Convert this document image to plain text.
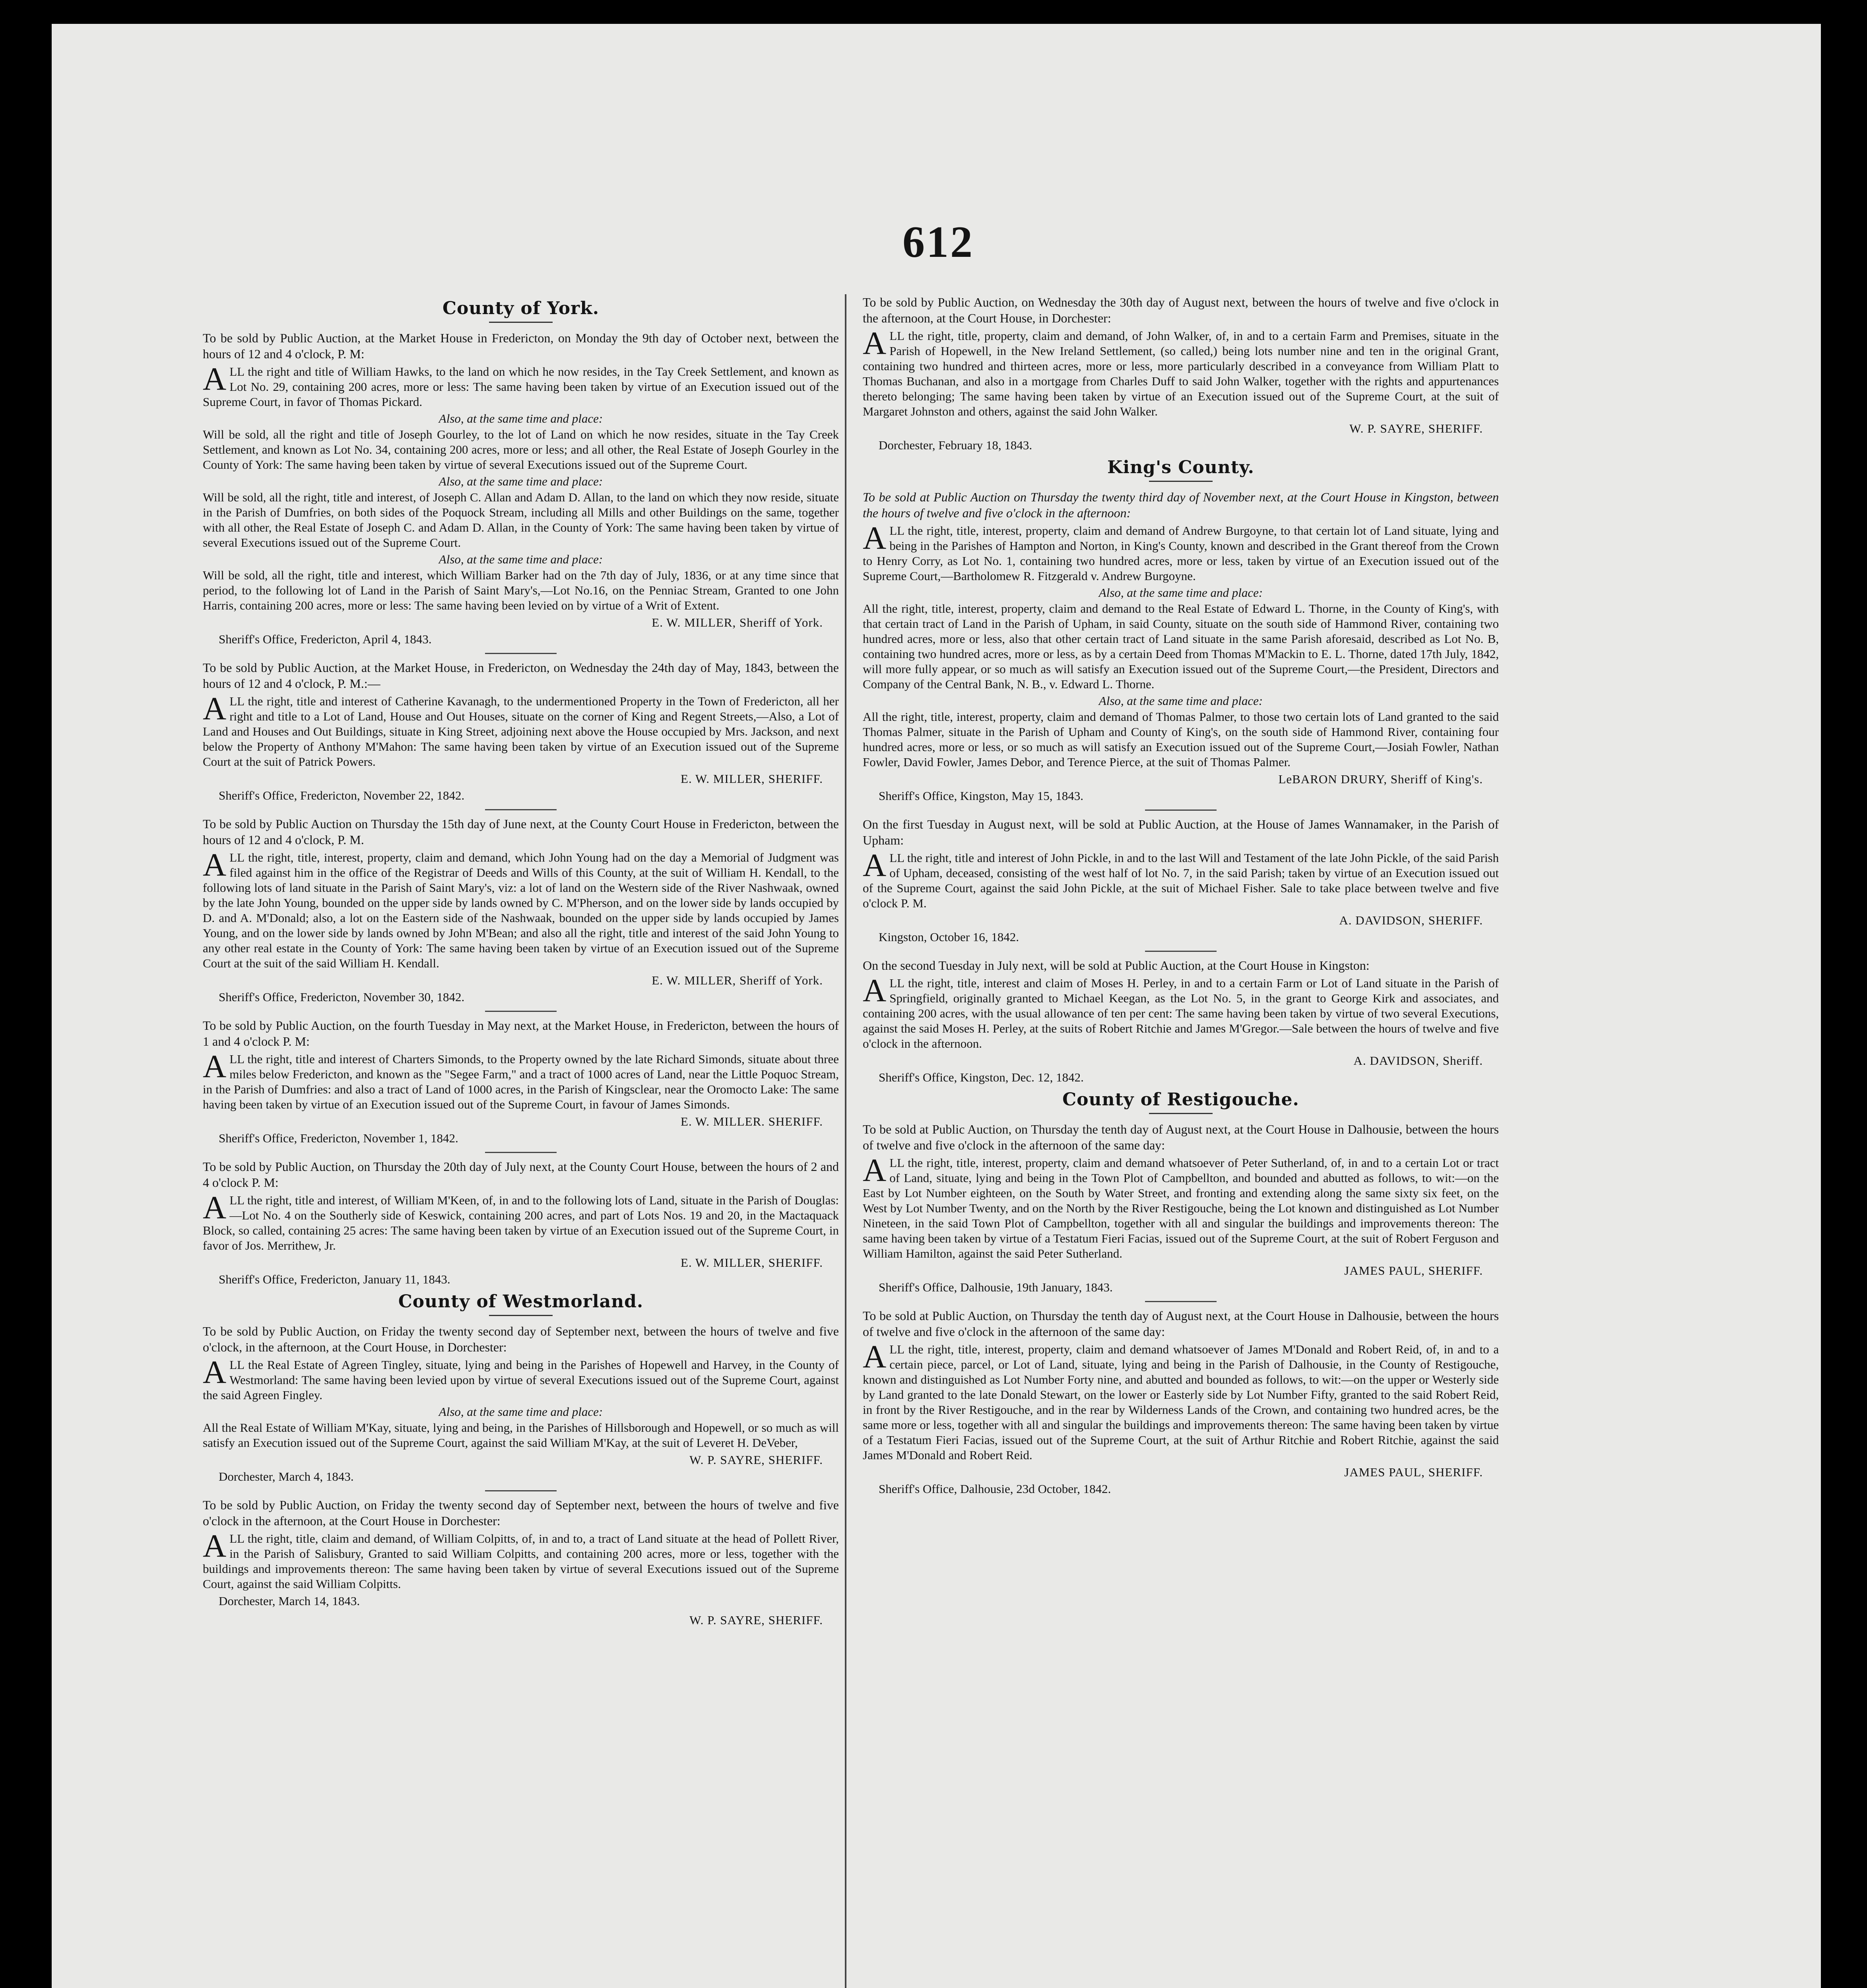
612
County of York.

To be sold by Public Auction, at the Market House in Fredericton, on Monday the 9th day of October next, between the hours of 12 and 4 o'clock, P. M:

ALL the right and title of William Hawks, to the land on which he now resides, in the Tay Creek Settlement, and known as Lot No. 29, containing 200 acres, more or less: The same having been taken by virtue of an Execution issued out of the Supreme Court, in favor of Thomas Pickard.

Also, at the same time and place:

Will be sold, all the right and title of Joseph Gourley, to the lot of Land on which he now resides, situate in the Tay Creek Settlement, and known as Lot No. 34, containing 200 acres, more or less; and all other, the Real Estate of Joseph Gourley in the County of York: The same having been taken by virtue of several Executions issued out of the Supreme Court.

Also, at the same time and place:

Will be sold, all the right, title and interest, of Joseph C. Allan and Adam D. Allan, to the land on which they now reside, situate in the Parish of Dumfries, on both sides of the Poquock Stream, including all Mills and other Buildings on the same, together with all other, the Real Estate of Joseph C. and Adam D. Allan, in the County of York: The same having been taken by virtue of several Executions issued out of the Supreme Court.

Also, at the same time and place:

Will be sold, all the right, title and interest, which William Barker had on the 7th day of July, 1836, or at any time since that period, to the following lot of Land in the Parish of Saint Mary's,—Lot No.16, on the Penniac Stream, Granted to one John Harris, containing 200 acres, more or less: The same having been levied on by virtue of a Writ of Extent.

E. W. MILLER, Sheriff of York.

Sheriff's Office, Fredericton, April 4, 1843.

To be sold by Public Auction, at the Market House, in Fredericton, on Wednesday the 24th day of May, 1843, between the hours of 12 and 4 o'clock, P. M.:—

ALL the right, title and interest of Catherine Kavanagh, to the undermentioned Property in the Town of Fredericton, all her right and title to a Lot of Land, House and Out Houses, situate on the corner of King and Regent Streets,—Also, a Lot of Land and Houses and Out Buildings, situate in King Street, adjoining next above the House occupied by Mrs. Jackson, and next below the Property of Anthony M'Mahon: The same having been taken by virtue of an Execution issued out of the Supreme Court at the suit of Patrick Powers.

E. W. MILLER, SHERIFF.

Sheriff's Office, Fredericton, November 22, 1842.

To be sold by Public Auction on Thursday the 15th day of June next, at the County Court House in Fredericton, between the hours of 12 and 4 o'clock, P. M.

ALL the right, title, interest, property, claim and demand, which John Young had on the day a Memorial of Judgment was filed against him in the office of the Registrar of Deeds and Wills of this County, at the suit of William H. Kendall, to the following lots of land situate in the Parish of Saint Mary's, viz: a lot of land on the Western side of the River Nashwaak, owned by the late John Young, bounded on the upper side by lands owned by C. M'Pherson, and on the lower side by lands occupied by D. and A. M'Donald; also, a lot on the Eastern side of the Nashwaak, bounded on the upper side by lands occupied by James Young, and on the lower side by lands owned by John M'Bean; and also all the right, title and interest of the said John Young to any other real estate in the County of York: The same having been taken by virtue of an Execution issued out of the Supreme Court at the suit of the said William H. Kendall.

E. W. MILLER, Sheriff of York.

Sheriff's Office, Fredericton, November 30, 1842.

To be sold by Public Auction, on the fourth Tuesday in May next, at the Market House, in Fredericton, between the hours of 1 and 4 o'clock P. M:

ALL the right, title and interest of Charters Simonds, to the Property owned by the late Richard Simonds, situate about three miles below Fredericton, and known as the "Segee Farm," and a tract of 1000 acres of Land, near the Little Poquoc Stream, in the Parish of Dumfries: and also a tract of Land of 1000 acres, in the Parish of Kingsclear, near the Oromocto Lake: The same having been taken by virtue of an Execution issued out of the Supreme Court, in favour of James Simonds.

E. W. MILLER. SHERIFF.

Sheriff's Office, Fredericton, November 1, 1842.

To be sold by Public Auction, on Thursday the 20th day of July next, at the County Court House, between the hours of 2 and 4 o'clock P. M:

ALL the right, title and interest, of William M'Keen, of, in and to the following lots of Land, situate in the Parish of Douglas:—Lot No. 4 on the Southerly side of Keswick, containing 200 acres, and part of Lots Nos. 19 and 20, in the Mactaquack Block, so called, containing 25 acres: The same having been taken by virtue of an Execution issued out of the Supreme Court, in favor of Jos. Merrithew, Jr.

E. W. MILLER, SHERIFF.

Sheriff's Office, Fredericton, January 11, 1843.

County of Westmorland.

To be sold by Public Auction, on Friday the twenty second day of September next, between the hours of twelve and five o'clock, in the afternoon, at the Court House, in Dorchester:

ALL the Real Estate of Agreen Tingley, situate, lying and being in the Parishes of Hopewell and Harvey, in the County of Westmorland: The same having been levied upon by virtue of several Executions issued out of the Supreme Court, against the said Agreen Fingley.

Also, at the same time and place:

All the Real Estate of William M'Kay, situate, lying and being, in the Parishes of Hillsborough and Hopewell, or so much as will satisfy an Execution issued out of the Supreme Court, against the said William M'Kay, at the suit of Leveret H. DeVeber,

W. P. SAYRE, SHERIFF.

Dorchester, March 4, 1843.

To be sold by Public Auction, on Friday the twenty second day of September next, between the hours of twelve and five o'clock in the afternoon, at the Court House in Dorchester:

ALL the right, title, claim and demand, of William Colpitts, of, in and to, a tract of Land situate at the head of Pollett River, in the Parish of Salisbury, Granted to said William Colpitts, and containing 200 acres, more or less, together with the buildings and improvements thereon: The same having been taken by virtue of several Executions issued out of the Supreme Court, against the said William Colpitts.

Dorchester, March 14, 1843.

W. P. SAYRE, SHERIFF.

To be sold by Public Auction, on Wednesday the 30th day of August next, between the hours of twelve and five o'clock in the afternoon, at the Court House, in Dorchester:

ALL the right, title, property, claim and demand, of John Walker, of, in and to a certain Farm and Premises, situate in the Parish of Hopewell, in the New Ireland Settlement, (so called,) being lots number nine and ten in the original Grant, containing two hundred and thirteen acres, more or less, more particularly described in a conveyance from William Platt to Thomas Buchanan, and also in a mortgage from Charles Duff to said John Walker, together with the rights and appurtenances thereto belonging; The same having been taken by virtue of an Execution issued out of the Supreme Court, at the suit of Margaret Johnston and others, against the said John Walker.

W. P. SAYRE, SHERIFF.

Dorchester, February 18, 1843.

King's County.

To be sold at Public Auction on Thursday the twenty third day of November next, at the Court House in Kingston, between the hours of twelve and five o'clock in the afternoon:

ALL the right, title, interest, property, claim and demand of Andrew Burgoyne, to that certain lot of Land situate, lying and being in the Parishes of Hampton and Norton, in King's County, known and described in the Grant thereof from the Crown to Henry Corry, as Lot No. 1, containing two hundred acres, more or less, taken by virtue of an Execution issued out of the Supreme Court,—Bartholomew R. Fitzgerald v. Andrew Burgoyne.

Also, at the same time and place:

All the right, title, interest, property, claim and demand to the Real Estate of Edward L. Thorne, in the County of King's, with that certain tract of Land in the Parish of Upham, in said County, situate on the south side of Hammond River, containing two hundred acres, more or less, also that other certain tract of Land situate in the same Parish aforesaid, described as Lot No. B, containing two hundred acres, more or less, as by a certain Deed from Thomas M'Mackin to E. L. Thorne, dated 17th July, 1842, will more fully appear, or so much as will satisfy an Execution issued out of the Supreme Court,—the President, Directors and Company of the Central Bank, N. B., v. Edward L. Thorne.

Also, at the same time and place:

All the right, title, interest, property, claim and demand of Thomas Palmer, to those two certain lots of Land granted to the said Thomas Palmer, situate in the Parish of Upham and County of King's, on the south side of Hammond River, containing four hundred acres, more or less, or so much as will satisfy an Execution issued out of the Supreme Court,—Josiah Fowler, Nathan Fowler, David Fowler, James Debor, and Terence Pierce, at the suit of Thomas Palmer.

LeBARON DRURY, Sheriff of King's.

Sheriff's Office, Kingston, May 15, 1843.

On the first Tuesday in August next, will be sold at Public Auction, at the House of James Wannamaker, in the Parish of Upham:

ALL the right, title and interest of John Pickle, in and to the last Will and Testament of the late John Pickle, of the said Parish of Upham, deceased, consisting of the west half of lot No. 7, in the said Parish; taken by virtue of an Execution issued out of the Supreme Court, against the said John Pickle, at the suit of Michael Fisher. Sale to take place between twelve and five o'clock P. M.

A. DAVIDSON, SHERIFF.

Kingston, October 16, 1842.

On the second Tuesday in July next, will be sold at Public Auction, at the Court House in Kingston:

ALL the right, title, interest and claim of Moses H. Perley, in and to a certain Farm or Lot of Land situate in the Parish of Springfield, originally granted to Michael Keegan, as the Lot No. 5, in the grant to George Kirk and associates, and containing 200 acres, with the usual allowance of ten per cent: The same having been taken by virtue of two several Executions, against the said Moses H. Perley, at the suits of Robert Ritchie and James M'Gregor.—Sale between the hours of twelve and five o'clock in the afternoon.

A. DAVIDSON, Sheriff.

Sheriff's Office, Kingston, Dec. 12, 1842.

County of Restigouche.

To be sold at Public Auction, on Thursday the tenth day of August next, at the Court House in Dalhousie, between the hours of twelve and five o'clock in the afternoon of the same day:

ALL the right, title, interest, property, claim and demand whatsoever of Peter Sutherland, of, in and to a certain Lot or tract of Land, situate, lying and being in the Town Plot of Campbellton, and bounded and abutted as follows, to wit:—on the East by Lot Number eighteen, on the South by Water Street, and fronting and extending along the same sixty six feet, on the West by Lot Number Twenty, and on the North by the River Restigouche, being the Lot known and distinguished as Lot Number Nineteen, in the said Town Plot of Campbellton, together with all and singular the buildings and improvements thereon: The same having been taken by virtue of a Testatum Fieri Facias, issued out of the Supreme Court, at the suit of Robert Ferguson and William Hamilton, against the said Peter Sutherland.

JAMES PAUL, SHERIFF.

Sheriff's Office, Dalhousie, 19th January, 1843.

To be sold at Public Auction, on Thursday the tenth day of August next, at the Court House in Dalhousie, between the hours of twelve and five o'clock in the afternoon of the same day:

ALL the right, title, interest, property, claim and demand whatsoever of James M'Donald and Robert Reid, of, in and to a certain piece, parcel, or Lot of Land, situate, lying and being in the Parish of Dalhousie, in the County of Restigouche, known and distinguished as Lot Number Forty nine, and abutted and bounded as follows, to wit:—on the upper or Westerly side by Land granted to the late Donald Stewart, on the lower or Easterly side by Lot Number Fifty, granted to the said Robert Reid, in front by the River Restigouche, and in the rear by Wilderness Lands of the Crown, and containing two hundred acres, be the same more or less, together with all and singular the buildings and improvements thereon: The same having been taken by virtue of a Testatum Fieri Facias, issued out of the Supreme Court, at the suit of Arthur Ritchie and Robert Ritchie, against the said James M'Donald and Robert Reid.

JAMES PAUL, SHERIFF.

Sheriff's Office, Dalhousie, 23d October, 1842.
